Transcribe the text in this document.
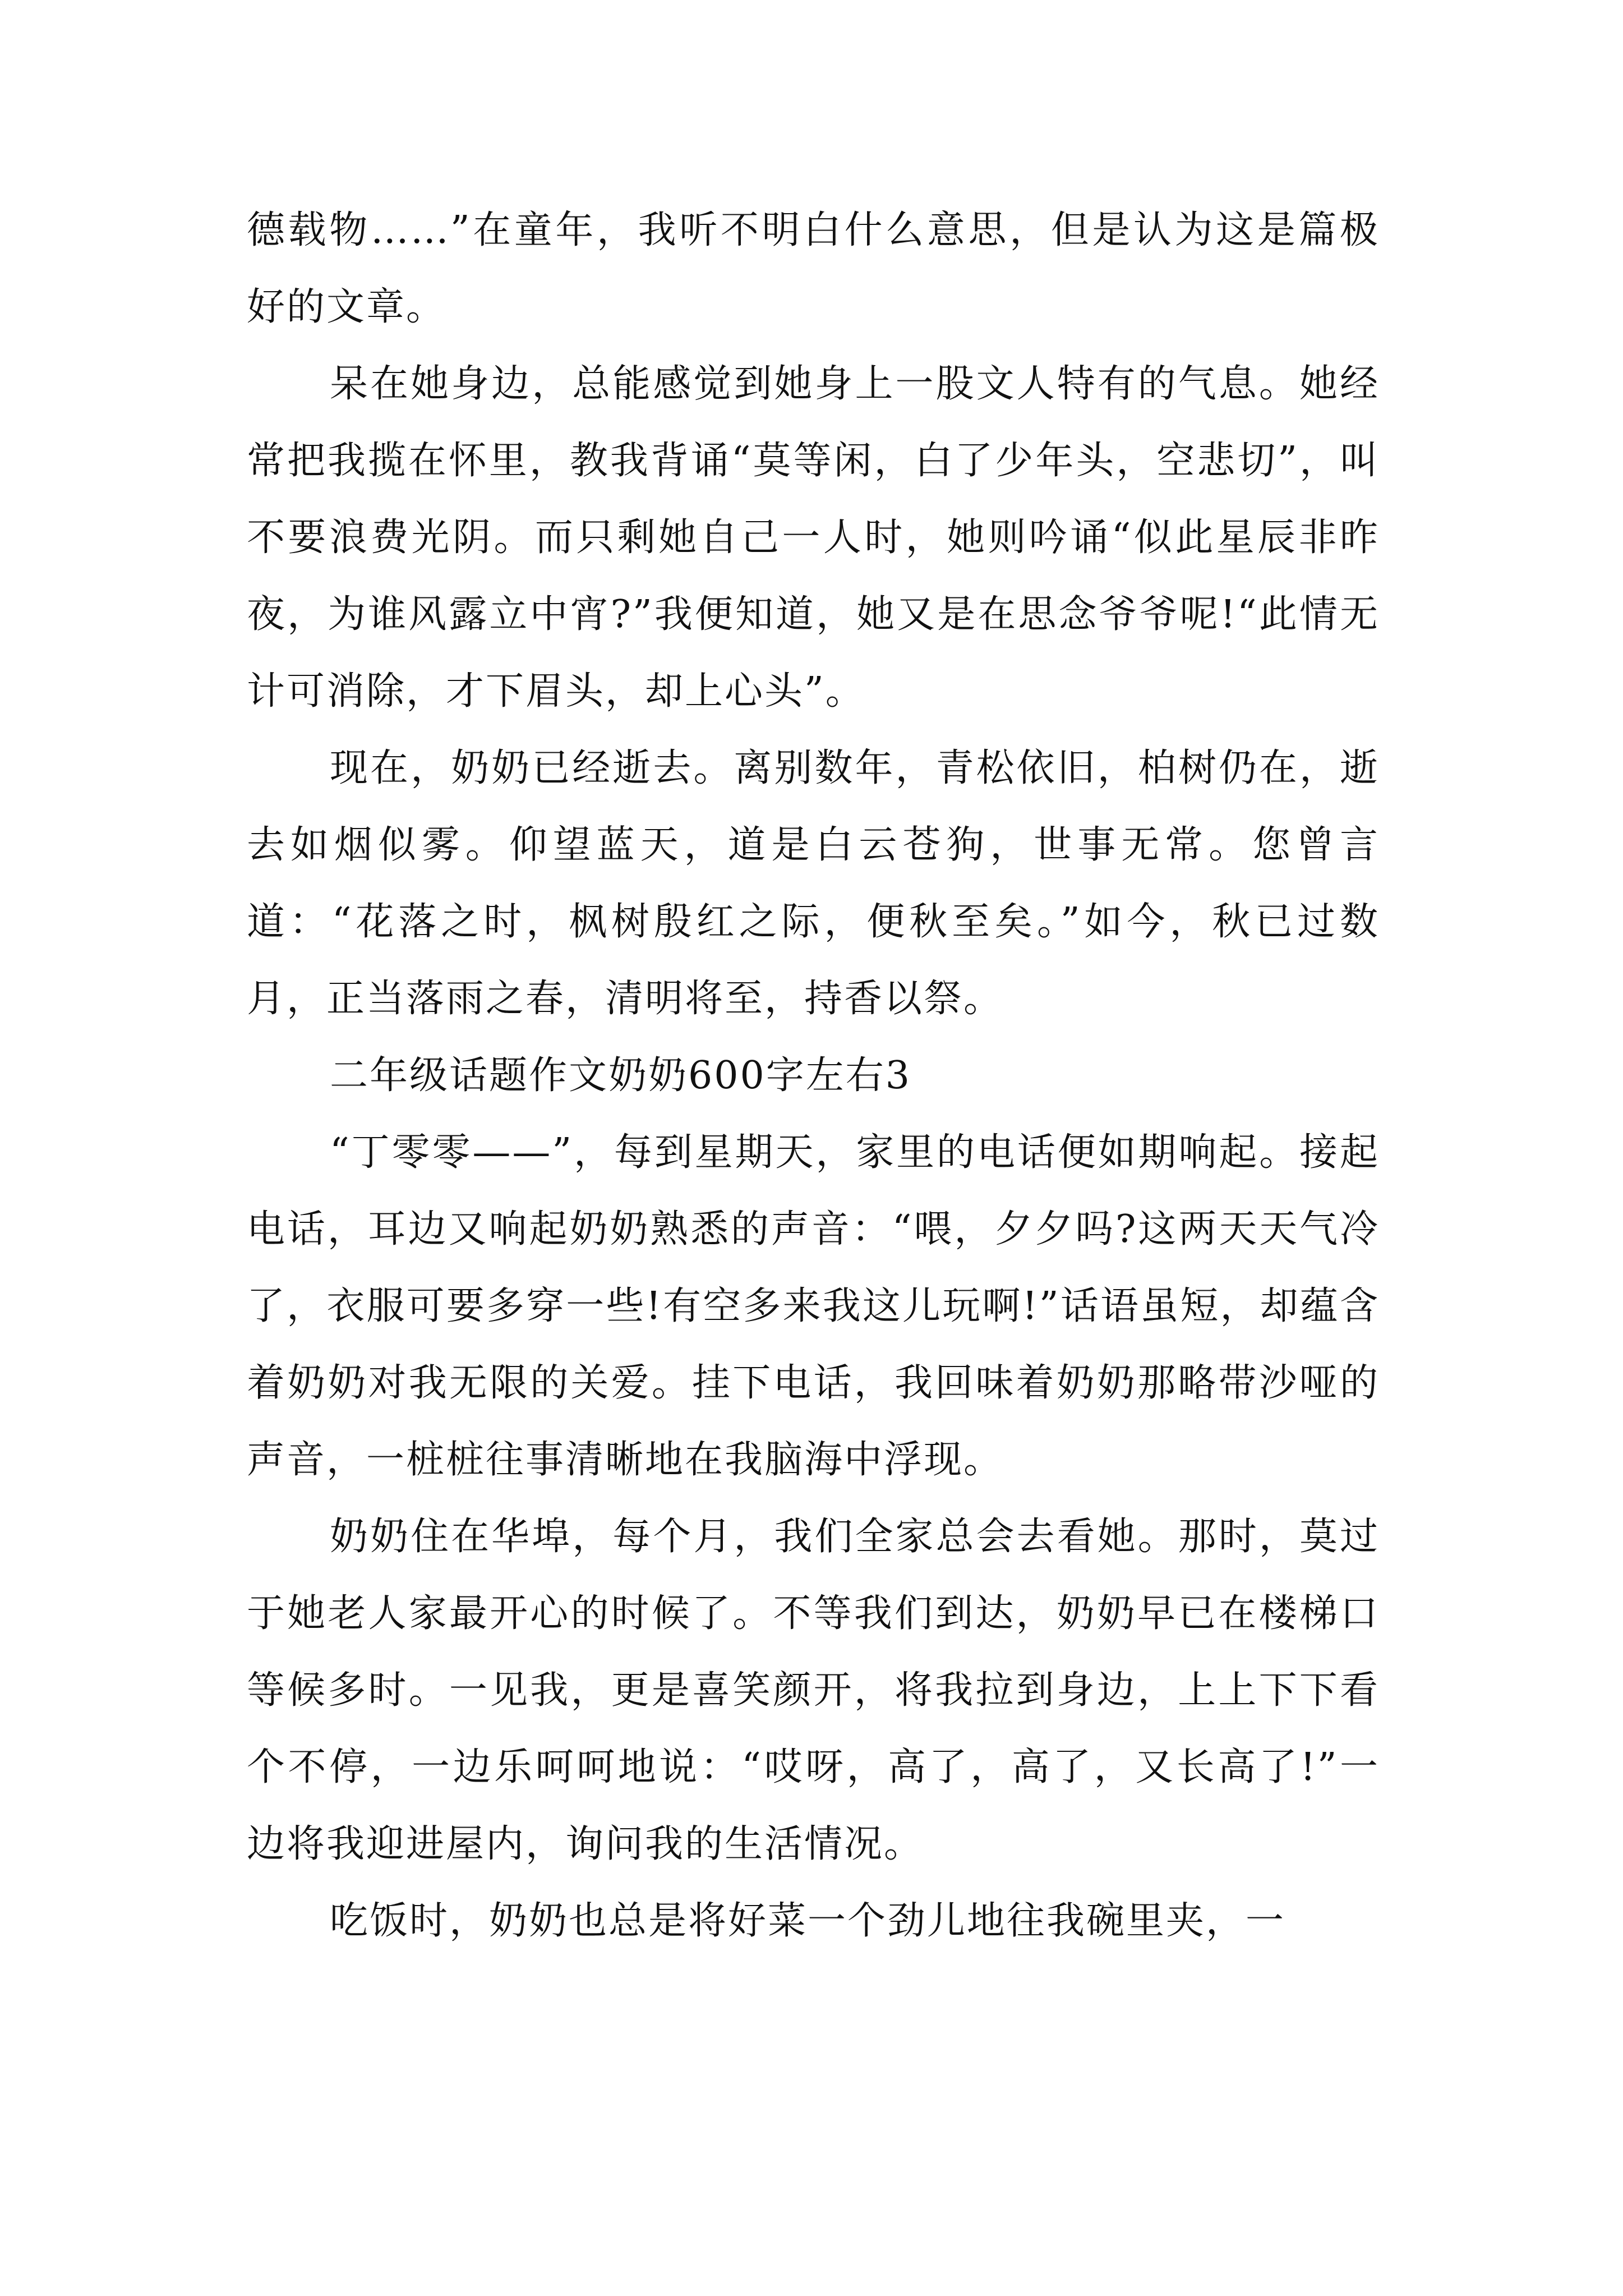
德载物……”在童年，我听不明白什么意思，但是认为这是篇极好的文章。

呆在她身边，总能感觉到她身上一股文人特有的气息。她经常把我揽在怀里，教我背诵“莫等闲，白了少年头，空悲切”，叫不要浪费光阴。而只剩她自己一人时，她则吟诵“似此星辰非昨夜，为谁风露立中宵?”我便知道，她又是在思念爷爷呢!“此情无计可消除，才下眉头，却上心头”。

现在，奶奶已经逝去。离别数年，青松依旧，柏树仍在，逝去如烟似雾。仰望蓝天，道是白云苍狗，世事无常。您曾言道：“花落之时，枫树殷红之际，便秋至矣。”如今，秋已过数月，正当落雨之春，清明将至，持香以祭。

二年级话题作文奶奶600字左右3

“丁零零——”，每到星期天，家里的电话便如期响起。接起电话，耳边又响起奶奶熟悉的声音：“喂，夕夕吗?这两天天气冷了，衣服可要多穿一些!有空多来我这儿玩啊!”话语虽短，却蕴含着奶奶对我无限的关爱。挂下电话，我回味着奶奶那略带沙哑的声音，一桩桩往事清晰地在我脑海中浮现。

奶奶住在华埠，每个月，我们全家总会去看她。那时，莫过于她老人家最开心的时候了。不等我们到达，奶奶早已在楼梯口等候多时。一见我，更是喜笑颜开，将我拉到身边，上上下下看个不停，一边乐呵呵地说：“哎呀，高了，高了，又长高了!”一边将我迎进屋内，询问我的生活情况。

吃饭时，奶奶也总是将好菜一个劲儿地往我碗里夹，一
